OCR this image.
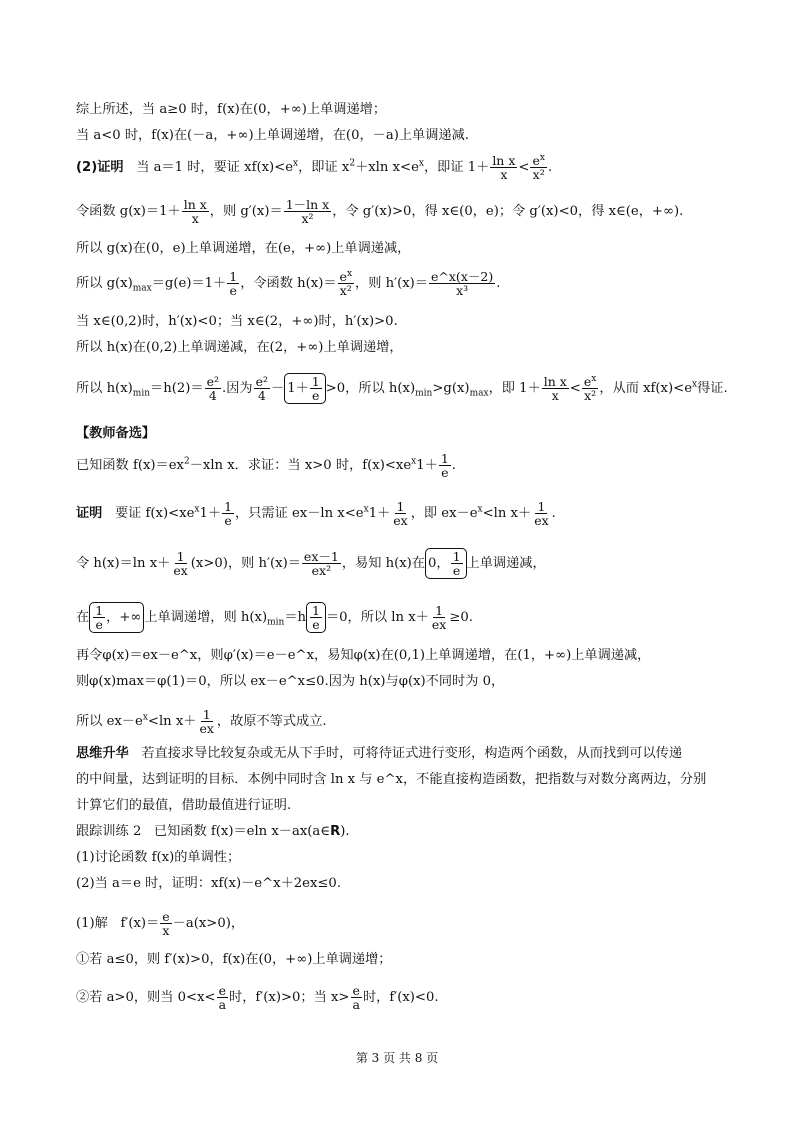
综上所述，当 a≥0 时，f(x)在(0，+∞)上单调递增；
当 a<0 时，f(x)在(－a，+∞)上单调递增，在(0，－a)上单调递减.
(2)证明 当 a＝1 时，要证 $xf(x)<e^x$，即证 $x^2+xln$ $x<e^x$，即证 $1+ \frac{\text{ln x}}{x} < \frac{e^x}{\text{x²}}$ .
令函数 $g(x)=1+ \frac{\text{ln x}}{x}$ ，则 $g'(x)= \frac{\text{1－ln x}}{\text{x²}}$ ，令 g′(x)>0，得 x∈(0，e)；令 g′(x)<0，得 x∈(e，+∞).
所以 g(x)在(0，e)上单调递增，在(e，+∞)上单调递减，
所以 $g(x)_{max}=g(e)=1+ \frac{1}{e}$ ，令函数 $h(x)= \frac{e^x}{\text{x²}}$ ，则 $h'(x)= \frac{e\^{}x(x-2)}{\text{x³}}$ .
当 x∈(0,2)时，h′(x)<0；当 x∈(2，+∞)时，h′(x)>0.
所以 h(x)在(0,2)上单调递减，在(2，+∞)上单调递增，
所以 $h(x)_{min}=h(2)= \frac{\text{e²}}{4}$ .因为 $\frac{\text{e²}}{4} - 1+ \frac{1}{e} >0$，所以 $h(x)_{min}>g(x)_{max}$，即 $1+ \frac{\text{ln x}}{x} < \frac{e^x}{\text{x²}}$ ，从而 $xf(x)<e^x$得证.
【教师备选】
已知函数 $f(x)=ex^2-xln$ x．求证：当 x>0 时，$f(x)<xe^x1+ \frac{1}{e}$ .
证明 要证 $f(x)<xe^x1+ \frac{1}{e}$ ，只需证 ex－ln $x<e^x1+ \frac{1}{ex}$ ，即 $ex-e^x<\ln$ $x+ \frac{1}{ex}$ .
令 h(x)＝ln $x+ \frac{1}{ex} (x>0)$，则 $h'(x)= \frac{ex-1}{\text{ex²}}$ ，易知 h(x)在 0， $\frac{1}{e}$ 上单调递减，
在 $\frac{1}{e}$ ，+∞ 上单调递增，则 $h(x)_{min}=h \frac{1}{e} =0$，所以 $\ln x+ \frac{1}{ex} \ge 0$.
再令φ(x)＝ex－e^x，则φ′(x)＝e－e^x，易知φ(x)在(0,1)上单调递增，在(1，+∞)上单调递减，
则φ(x)max＝φ(1)＝0，所以 ex－e^x≤0.因为 h(x)与φ(x)不同时为 0，
所以 $ex-e^x<\ln$ $x+ \frac{1}{ex}$ ，故原不等式成立.
思维升华 若直接求导比较复杂或无从下手时，可将待证式进行变形，构造两个函数，从而找到可以传递
的中间量，达到证明的目标．本例中同时含 ln x 与 e^x，不能直接构造函数，把指数与对数分离两边，分别
计算它们的最值，借助最值进行证明.
跟踪训练 2 已知函数 f(x)＝eln x－ax(a∈R).
(1)讨论函数 f(x)的单调性；
(2)当 a＝e 时，证明：xf(x)－e^x＋2ex≤0.
(1)解 $f'(x)= \frac{e}{x} -a(x>0)$，
①若 a≤0，则 f′(x)>0，f(x)在(0，+∞)上单调递增；
②若 a>0，则当 $0<x< \frac{e}{a}$ 时，f′(x)>0；当 $x> \frac{e}{a}$ 时，f′(x)<0.
第 3 页 共 8 页
